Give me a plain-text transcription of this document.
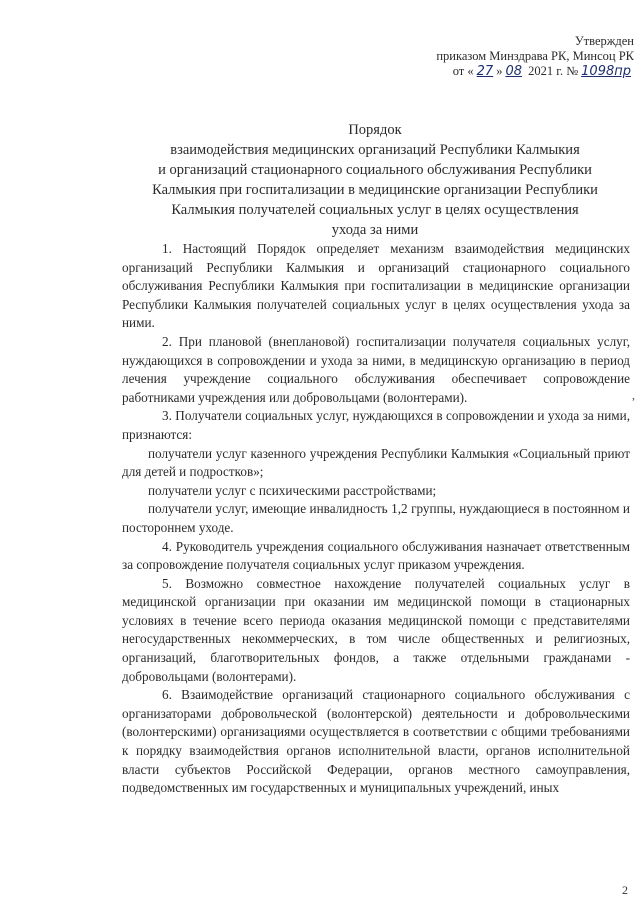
Утвержден
приказом Минздрава РК, Минсоц РК
от « 27 » 08 2021 г. № 1098пр
Порядок
взаимодействия медицинских организаций Республики Калмыкия
и организаций стационарного социального обслуживания Республики
Калмыкия при госпитализации в медицинские организации Республики
Калмыкия получателей социальных услуг в целях осуществления
ухода за ними

1. Настоящий Порядок определяет механизм взаимодействия медицинских организаций Республики Калмыкия и организаций стационарного социального обслуживания Республики Калмыкия при госпитализации в медицинские организации Республики Калмыкия получателей социальных услуг в целях осуществления ухода за ними.

2. При плановой (внеплановой) госпитализации получателя социальных услуг, нуждающихся в сопровождении и ухода за ними, в медицинскую организацию в период лечения учреждение социального обслуживания обеспечивает сопровождение работниками учреждения или добровольцами (волонтерами).

3. Получатели социальных услуг, нуждающихся в сопровождении и ухода за ними, признаются:

получатели услуг казенного учреждения Республики Калмыкия «Социальный приют для детей и подростков»;

получатели услуг с психическими расстройствами;

получатели услуг, имеющие инвалидность 1,2 группы, нуждающиеся в постоянном и постороннем уходе.

4. Руководитель учреждения социального обслуживания назначает ответственным за сопровождение получателя социальных услуг приказом учреждения.

5. Возможно совместное нахождение получателей социальных услуг в медицинской организации при оказании им медицинской помощи в стационарных условиях в течение всего периода оказания медицинской помощи с представителями негосударственных некоммерческих, в том числе общественных и религиозных, организаций, благотворительных фондов, а также отдельными гражданами - добровольцами (волонтерами).

6. Взаимодействие организаций стационарного социального обслуживания с организаторами добровольческой (волонтерской) деятельности и добровольческими (волонтерскими) организациями осуществляется в соответствии с общими требованиями к порядку взаимодействия органов исполнительной власти, органов исполнительной власти субъектов Российской Федерации, органов местного самоуправления, подведомственных им государственных и муниципальных учреждений, иных

,
2
